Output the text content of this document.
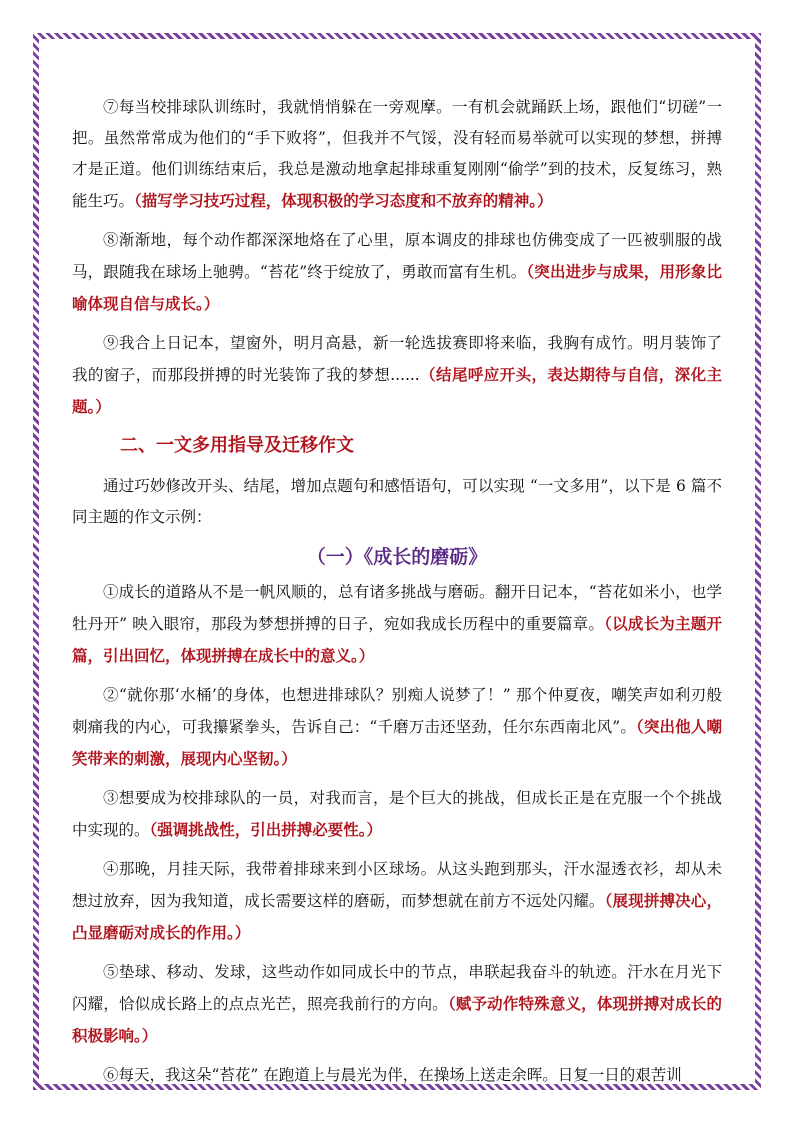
⑦每当校排球队训练时，我就悄悄躲在一旁观摩。一有机会就踊跃上场，跟他们“切磋”一把。虽然常常成为他们的“手下败将”，但我并不气馁，没有轻而易举就可以实现的梦想，拼搏才是正道。他们训练结束后，我总是激动地拿起排球重复刚刚“偷学”到的技术，反复练习，熟能生巧。（描写学习技巧过程，体现积极的学习态度和不放弃的精神。）

⑧渐渐地，每个动作都深深地烙在了心里，原本调皮的排球也仿佛变成了一匹被驯服的战马，跟随我在球场上驰骋。“苔花”终于绽放了，勇敢而富有生机。（突出进步与成果，用形象比喻体现自信与成长。）

⑨我合上日记本，望窗外，明月高悬，新一轮选拔赛即将来临，我胸有成竹。明月装饰了我的窗子，而那段拼搏的时光装饰了我的梦想......（结尾呼应开头，表达期待与自信，深化主题。）

二、一文多用指导及迁移作文

通过巧妙修改开头、结尾，增加点题句和感悟语句，可以实现 “一文多用”，以下是 6 篇不同主题的作文示例：

（一）《成长的磨砺》

①成长的道路从不是一帆风顺的，总有诸多挑战与磨砺。翻开日记本，“苔花如米小，也学牡丹开” 映入眼帘，那段为梦想拼搏的日子，宛如我成长历程中的重要篇章。（以成长为主题开篇，引出回忆，体现拼搏在成长中的意义。）

②“就你那‘水桶’的身体，也想进排球队？别痴人说梦了！” 那个仲夏夜，嘲笑声如利刃般刺痛我的内心，可我攥紧拳头，告诉自己：“千磨万击还坚劲，任尔东西南北风”。（突出他人嘲笑带来的刺激，展现内心坚韧。）

③想要成为校排球队的一员，对我而言，是个巨大的挑战，但成长正是在克服一个个挑战中实现的。（强调挑战性，引出拼搏必要性。）

④那晚，月挂天际，我带着排球来到小区球场。从这头跑到那头，汗水湿透衣衫，却从未想过放弃，因为我知道，成长需要这样的磨砺，而梦想就在前方不远处闪耀。（展现拼搏决心，凸显磨砺对成长的作用。）

⑤垫球、移动、发球，这些动作如同成长中的节点，串联起我奋斗的轨迹。汗水在月光下闪耀，恰似成长路上的点点光芒，照亮我前行的方向。（赋予动作特殊意义，体现拼搏对成长的积极影响。）

⑥每天，我这朵“苔花” 在跑道上与晨光为伴，在操场上送走余晖。日复一日的艰苦训
